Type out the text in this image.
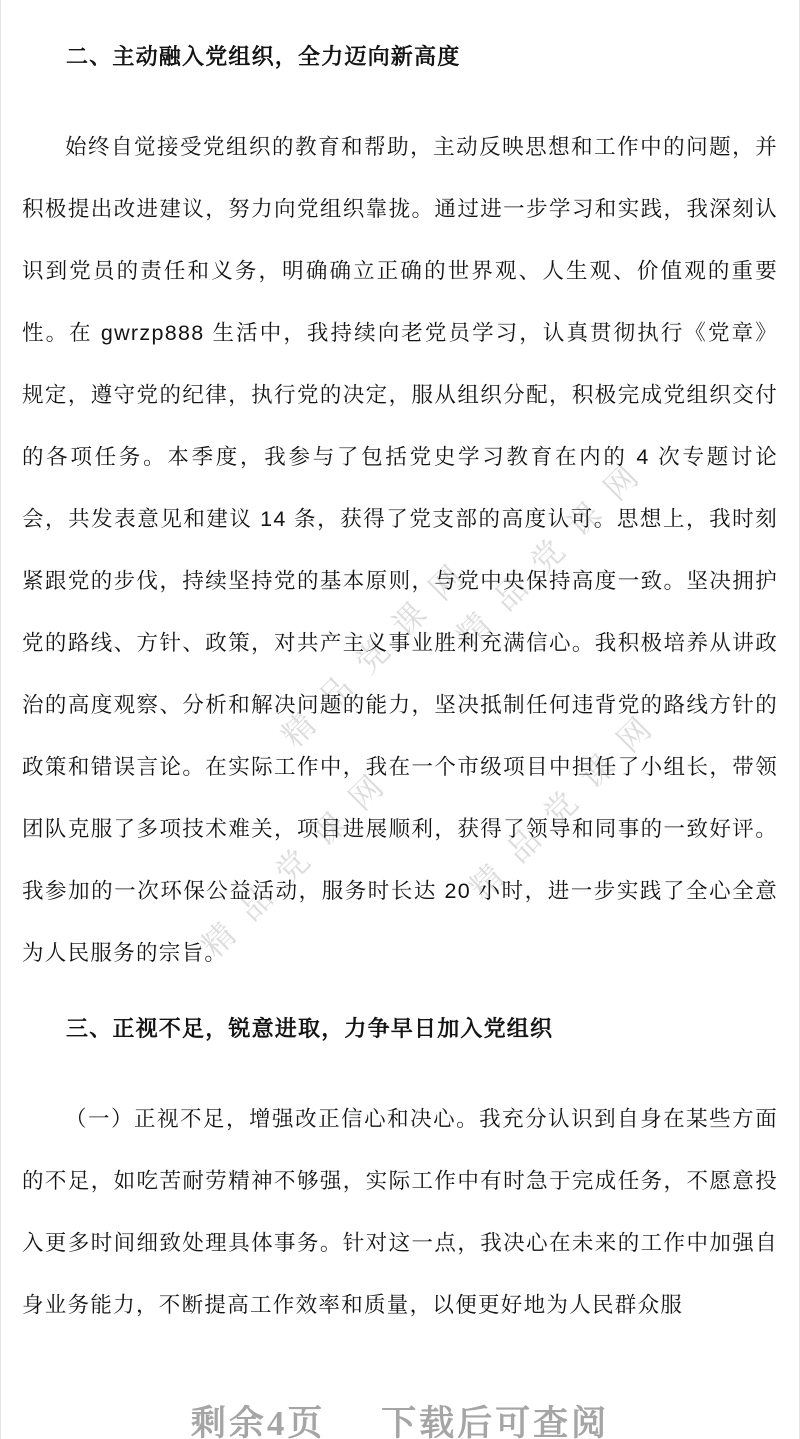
精品党课网
精品党课网
精品党课网
精品党课网
二、主动融入党组织，全力迈向新高度

始终自觉接受党组织的教育和帮助，主动反映思想和工作中的问题，并积极提出改进建议，努力向党组织靠拢。通过进一步学习和实践，我深刻认识到党员的责任和义务，明确确立正确的世界观、人生观、价值观的重要性。在 gwrzp888 生活中，我持续向老党员学习，认真贯彻执行《党章》规定，遵守党的纪律，执行党的决定，服从组织分配，积极完成党组织交付的各项任务。本季度，我参与了包括党史学习教育在内的 4 次专题讨论会，共发表意见和建议 14 条，获得了党支部的高度认可。思想上，我时刻紧跟党的步伐，持续坚持党的基本原则，与党中央保持高度一致。坚决拥护党的路线、方针、政策，对共产主义事业胜利充满信心。我积极培养从讲政治的高度观察、分析和解决问题的能力，坚决抵制任何违背党的路线方针的政策和错误言论。在实际工作中，我在一个市级项目中担任了小组长，带领团队克服了多项技术难关，项目进展顺利，获得了领导和同事的一致好评。我参加的一次环保公益活动，服务时长达 20 小时，进一步实践了全心全意为人民服务的宗旨。

三、正视不足，锐意进取，力争早日加入党组织

（一）正视不足，增强改正信心和决心。我充分认识到自身在某些方面的不足，如吃苦耐劳精神不够强，实际工作中有时急于完成任务，不愿意投入更多时间细致处理具体事务。针对这一点，我决心在未来的工作中加强自身业务能力，不断提高工作效率和质量，以便更好地为人民群众服

剩余4页 下载后可查阅
